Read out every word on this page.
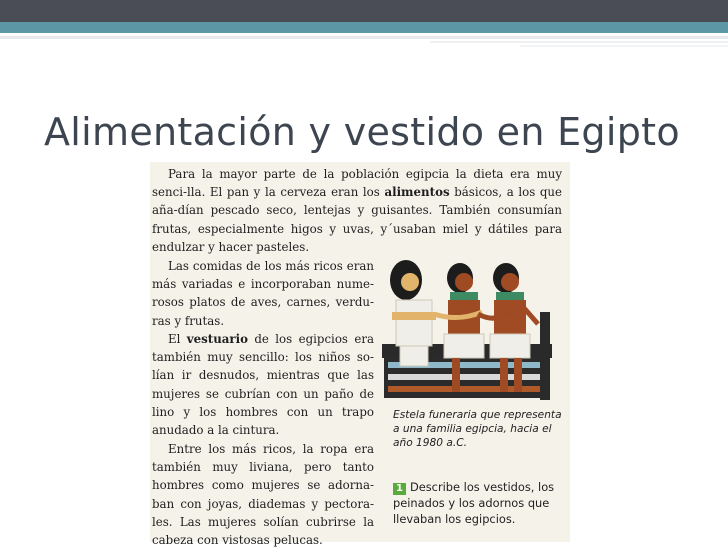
Alimentación y vestido en Egipto

Para la mayor parte de la población egipcia la dieta era muy senci-lla. El pan y la cerveza eran los alimentos básicos, a los que aña-dían pescado seco, lentejas y guisantes. También consumían frutas, especialmente higos y uvas, y´usaban miel y dátiles para endulzar y hacer pasteles.

Las comidas de los más ricos eran más variadas e incorporaban nume-rosos platos de aves, carnes, verdu-ras y frutas.

El vestuario de los egipcios era también muy sencillo: los niños so-lían ir desnudos, mientras que las mujeres se cubrían con un paño de lino y los hombres con un trapo anudado a la cintura.

Entre los más ricos, la ropa era también muy liviana, pero tanto hombres como mujeres se adorna-ban con joyas, diademas y pectora-les. Las mujeres solían cubrirse la cabeza con vistosas pelucas.

Estela funeraria que representa a una familia egipcia, hacia el año 1980 a.C.
1 Describe los vestidos, los peinados y los adornos que llevaban los egipcios.
